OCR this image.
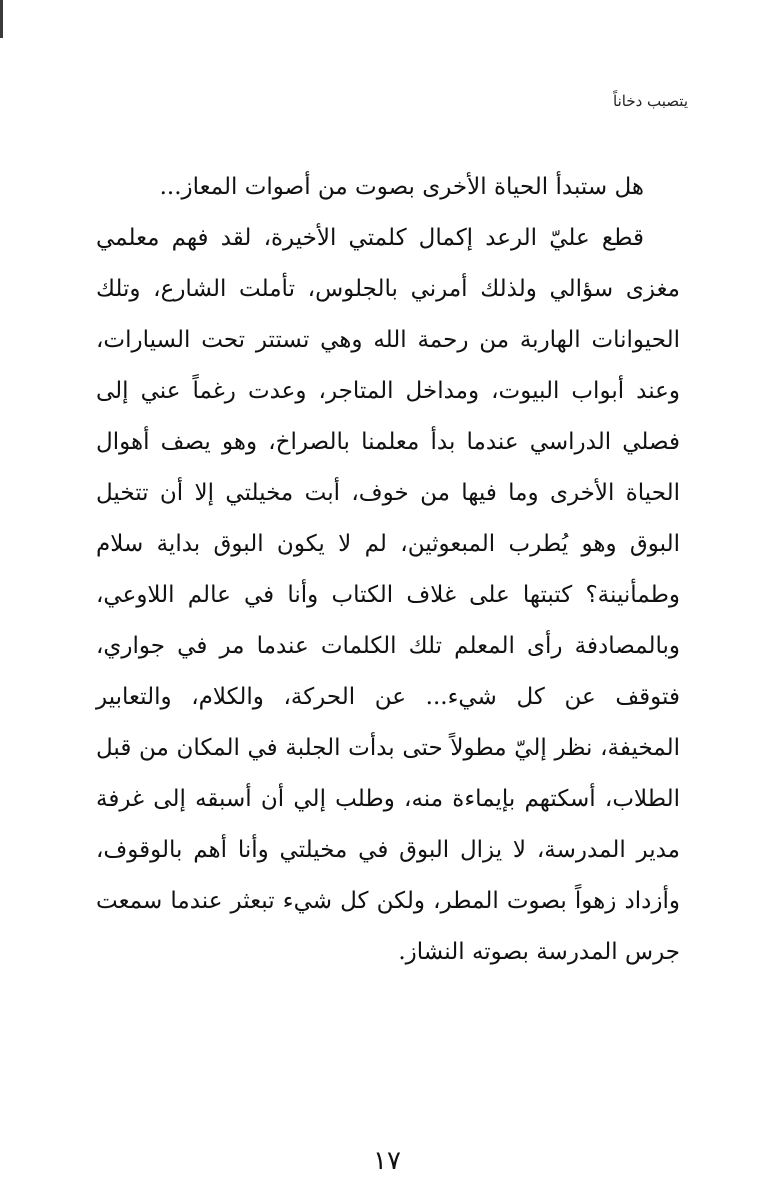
يتصبب دخاناً

هل ستبدأ الحياة الأخرى بصوت من أصوات المعاز...

قطع عليّ الرعد إكمال كلمتي الأخيرة، لقد فهم معلمي مغزى سؤالي ولذلك أمرني بالجلوس، تأملت الشارع، وتلك الحيوانات الهاربة من رحمة الله وهي تستتر تحت السيارات، وعند أبواب البيوت، ومداخل المتاجر، وعدت رغماً عني إلى فصلي الدراسي عندما بدأ معلمنا بالصراخ، وهو يصف أهوال الحياة الأخرى وما فيها من خوف، أبت مخيلتي إلا أن تتخيل البوق وهو يُطرب المبعوثين، لم لا يكون البوق بداية سلام وطمأنينة؟ كتبتها على غلاف الكتاب وأنا في عالم اللاوعي، وبالمصادفة رأى المعلم تلك الكلمات عندما مر في جواري، فتوقف عن كل شيء... عن الحركة، والكلام، والتعابير المخيفة، نظر إليّ مطولاً حتى بدأت الجلبة في المكان من قبل الطلاب، أسكتهم بإيماءة منه، وطلب إلي أن أسبقه إلى غرفة مدير المدرسة، لا يزال البوق في مخيلتي وأنا أهم بالوقوف، وأزداد زهواً بصوت المطر، ولكن كل شيء تبعثر عندما سمعت جرس المدرسة بصوته النشاز.

١٧
